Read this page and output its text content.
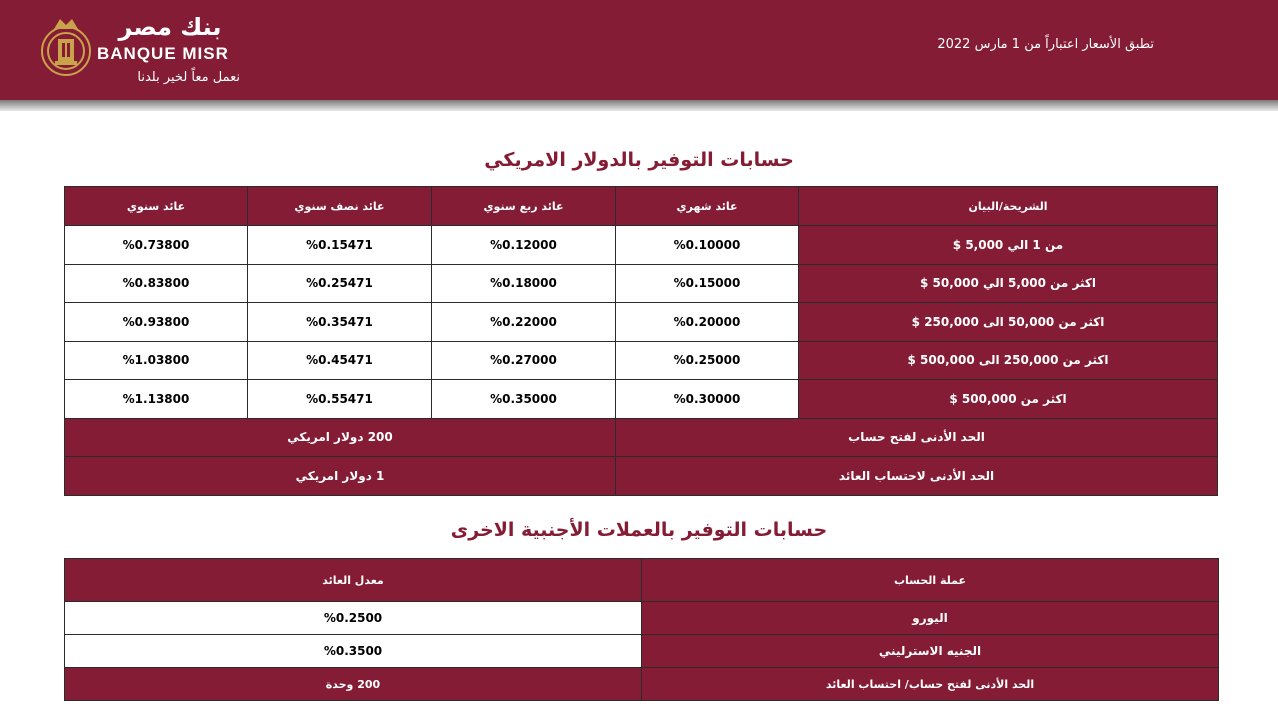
بنك مصر
BANQUE MISR
نعمل معاً لخير بلدنا
تطبق الأسعار اعتباراً من 1 مارس 2022
حسابات التوفير بالدولار الامريكي
الشريحة/البيان	عائد شهري	عائد ربع سنوي	عائد نصف سنوي	عائد سنوي
من 1 الي 5,000 $	%0.10000	%0.12000	%0.15471	%0.73800
اكثر من 5,000 الي 50,000 $	%0.15000	%0.18000	%0.25471	%0.83800
اكثر من 50,000 الى 250,000 $	%0.20000	%0.22000	%0.35471	%0.93800
اكثر من 250,000 الى 500,000 $	%0.25000	%0.27000	%0.45471	%1.03800
اكثر من 500,000 $	%0.30000	%0.35000	%0.55471	%1.13800
الحد الأدنى لفتح حساب		200 دولار امريكي		
الحد الأدنى لاحتساب العائد		1 دولار امريكي		
حسابات التوفير بالعملات الأجنبية الاخرى
عملة الحساب	معدل العائد
اليورو	%0.2500
الجنيه الاسترليني	%0.3500
الحد الأدنى لفتح حساب/ احتساب العائد	200 وحدة
